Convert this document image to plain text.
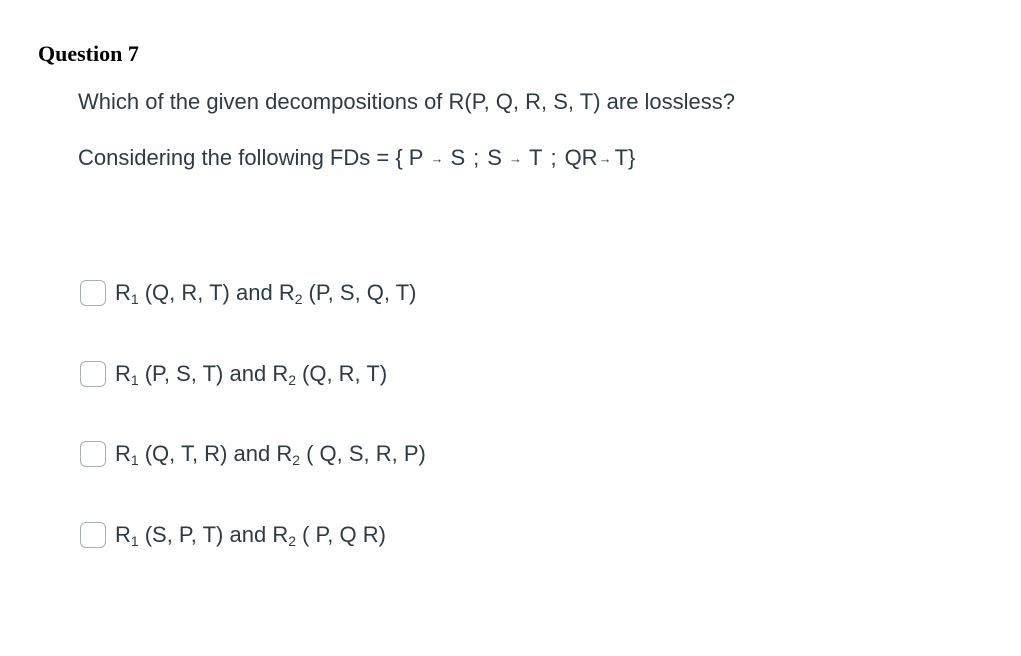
Question 7

Which of the given decompositions of R(P, Q, R, S, T) are lossless?

Considering the following FDs = { P → S ; S → T ; QR→ T}

$R_1$ (Q, R, T) and $R_2$ (P, S, Q, T)
$R_1$ (P, S, T) and $R_2$ (Q, R, T)
$R_1$ (Q, T, R) and $R_2$ ( Q, S, R, P)
$R_1$ (S, P, T) and $R_2$ ( P, Q R)
